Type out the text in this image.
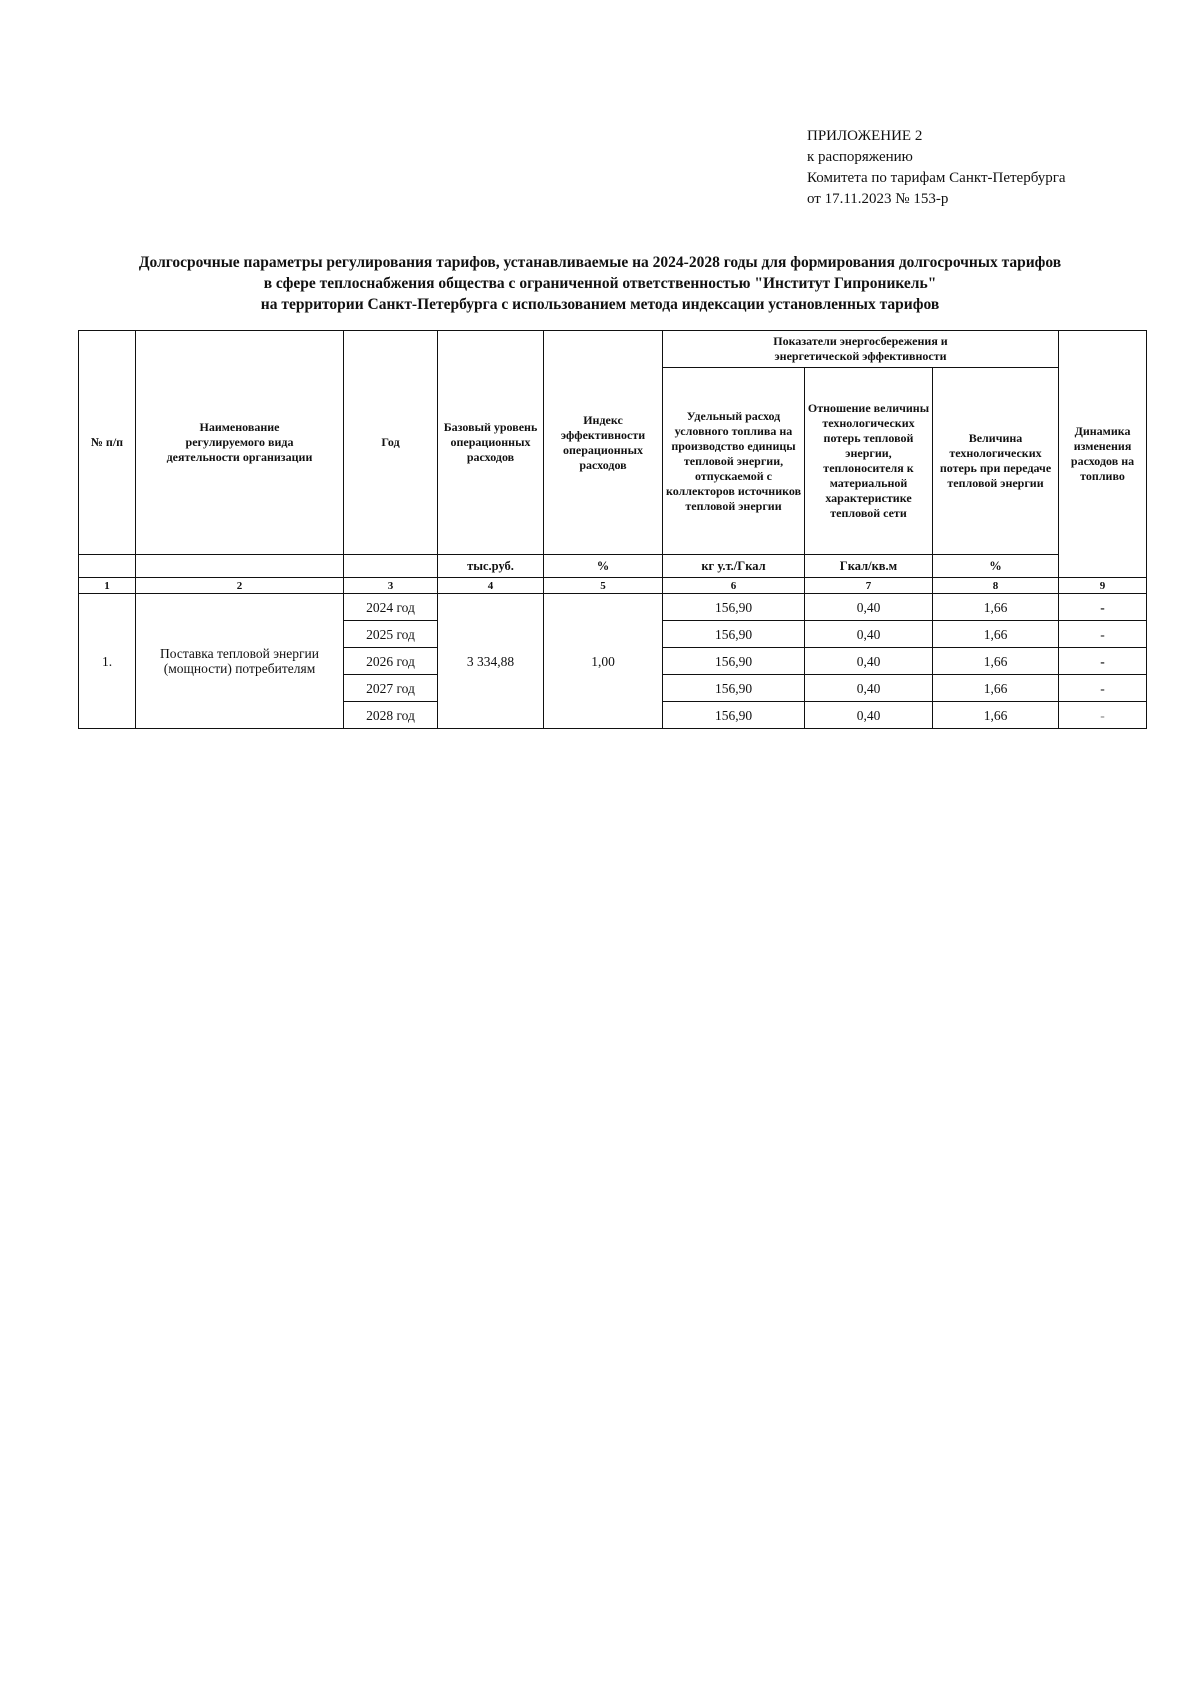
ПРИЛОЖЕНИЕ 2
к распоряжению
Комитета по тарифам Санкт-Петербурга
от 17.11.2023 № 153-р
Долгосрочные параметры регулирования тарифов, устанавливаемые на 2024-2028 годы для формирования долгосрочных тарифов
в сфере теплоснабжения общества с ограниченной ответственностью "Институт Гипроникель"
на территории Санкт-Петербурга с использованием метода индексации установленных тарифов
№ п/п	Наименование регулируемого вида деятельности организации	Год	Базовый уровень операционных расходов	Индекс эффективности операционных расходов	Показатели энергосбережения и энергетической эффективности			Динамика изменения расходов на топливо
					Удельный расход условного топлива на производство единицы тепловой энергии, отпускаемой с коллекторов источников тепловой энергии	Отношение величины технологических потерь тепловой энергии, теплоносителя к материальной характеристике тепловой сети	Величина технологических потерь при передаче тепловой энергии	
			тыс.руб.	%	кг у.т./Гкал	Гкал/кв.м	%	
1	2	3	4	5	6	7	8	9
1.	Поставка тепловой энергии (мощности) потребителям	2024 год	3 334,88	1,00	156,90	0,40	1,66	-
		2025 год			156,90	0,40	1,66	-
		2026 год			156,90	0,40	1,66	-
		2027 год			156,90	0,40	1,66	-
		2028 год			156,90	0,40	1,66	-
